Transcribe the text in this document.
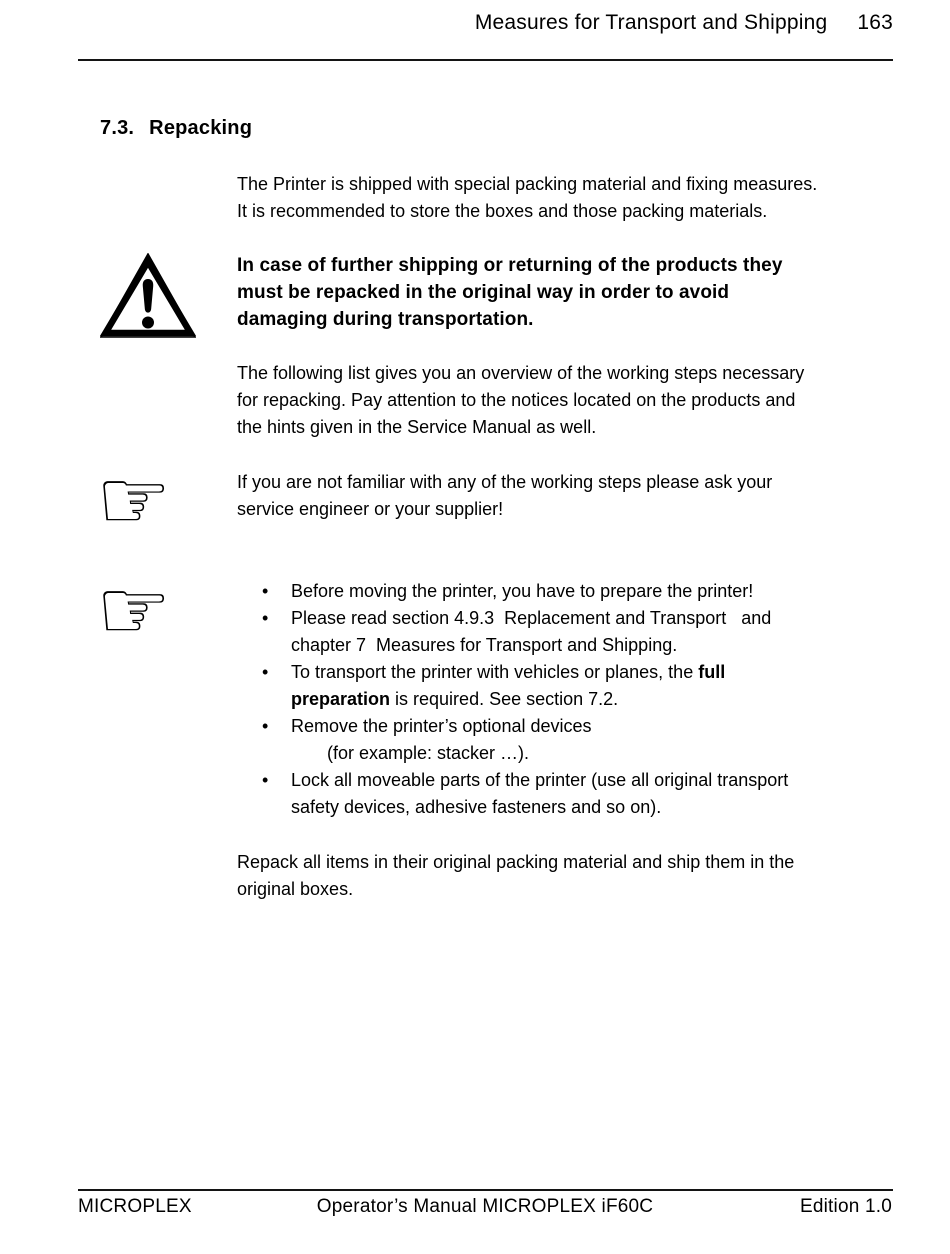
Measures for Transport and Shipping 163
7.3. Repacking
The Printer is shipped with special packing material and fixing measures.
It is recommended to store the boxes and those packing materials.
In case of further shipping or returning of the products they
must be repacked in the original way in order to avoid
damaging during transportation.
The following list gives you an overview of the working steps necessary
for repacking. Pay attention to the notices located on the products and
the hints given in the Service Manual as well.
☞	If you are not familiar with any of the working steps please ask your
service engineer or your supplier!
☞	•	Before moving the printer, you have to prepare the printer!
•	Please read section 4.9.3  Replacement and Transport   and
chapter 7  Measures for Transport and Shipping.
•	To transport the printer with vehicles or planes, the full
preparation is required. See section 7.2.
•	Remove the printer’s optional devices
(for example: stacker …).
•	Lock all moveable parts of the printer (use all original transport
safety devices, adhesive fasteners and so on).
Repack all items in their original packing material and ship them in the
original boxes.
MICROPLEX	Operator’s Manual MICROPLEX iF60C	Edition 1.0
